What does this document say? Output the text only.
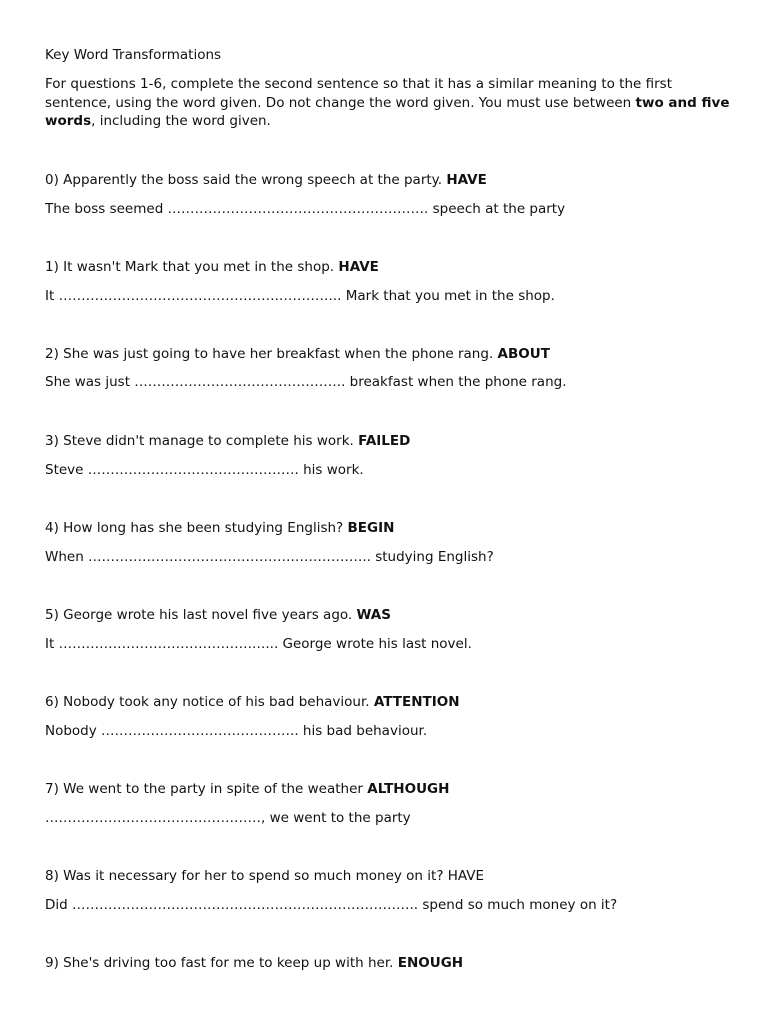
Key Word Transformations
For questions 1-6, complete the second sentence so that it has a similar meaning to the first sentence, using the word given. Do not change the word given. You must use between two and five words, including the word given.
0) Apparently the boss said the wrong speech at the party. HAVE
The boss seemed …………………………………………………. speech at the party
1) It wasn't Mark that you met in the shop. HAVE
It ………………………………………….………….. Mark that you met in the shop.
2) She was just going to have her breakfast when the phone rang. ABOUT
She was just ……………………………………….. breakfast when the phone rang.
3) Steve didn't manage to complete his work. FAILED
Steve ……………………………….………. his work.
4) How long has she been studying English? BEGIN
When ……………………………………….…………….. studying English?
5) George wrote his last novel five years ago. WAS
It …………………………………….…... George wrote his last novel.
6) Nobody took any notice of his bad behaviour. ATTENTION
Nobody …………………………………….. his bad behaviour.
7) We went to the party in spite of the weather ALTHOUGH
…………………………………………, we went to the party
8) Was it necessary for her to spend so much money on it? HAVE
Did ………………………………………………………………….. spend so much money on it?
9) She's driving too fast for me to keep up with her. ENOUGH
